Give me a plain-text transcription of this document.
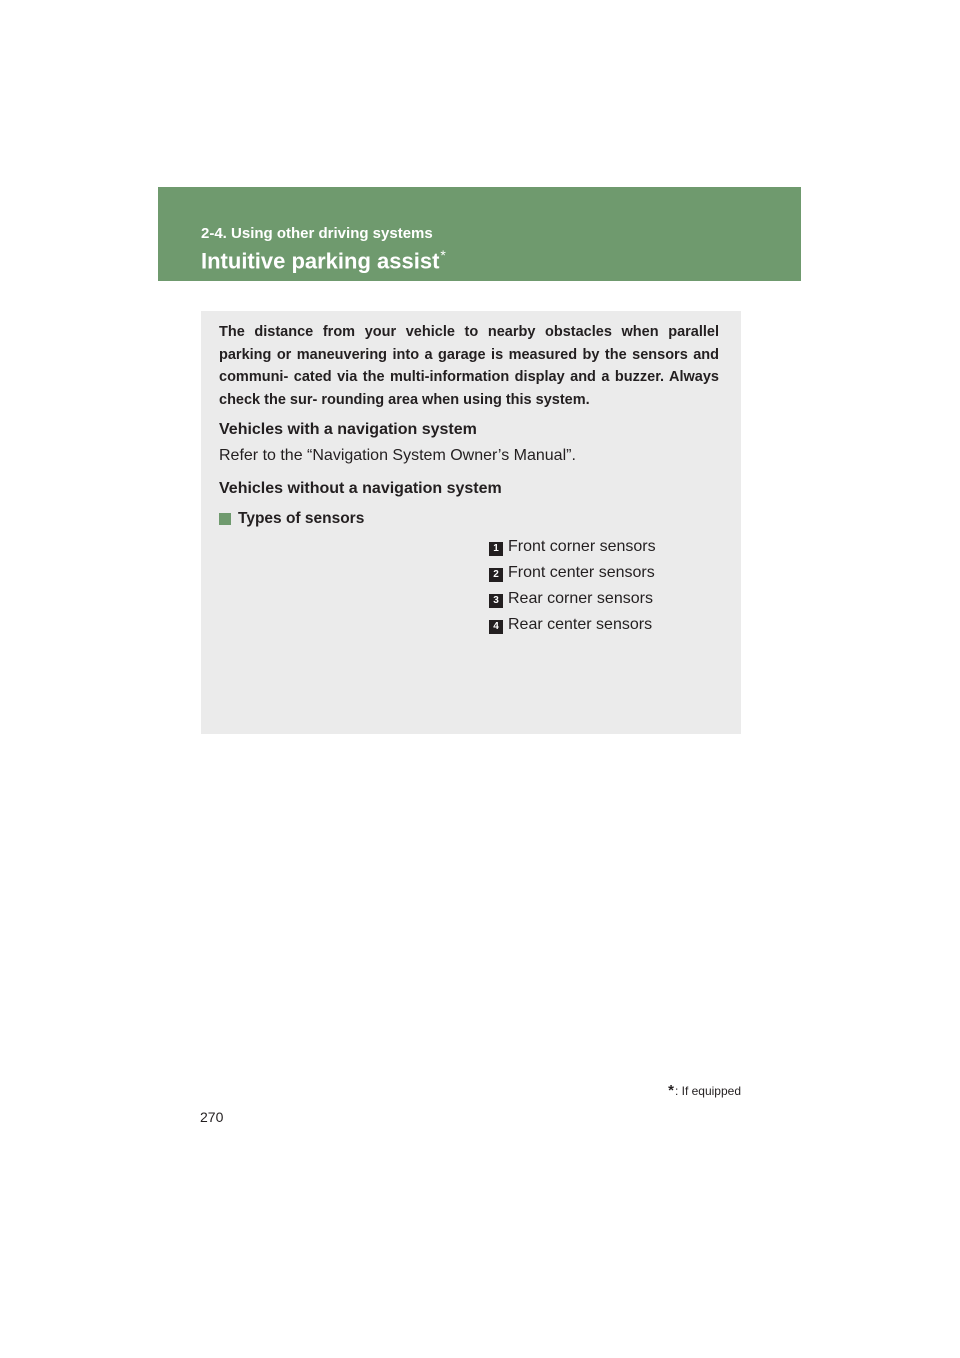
2-4. Using other driving systems
Intuitive parking assist*

The distance from your vehicle to nearby obstacles when parallel parking or maneuvering into a garage is measured by the sensors and communi- cated via the multi-information display and a buzzer. Always check the sur- rounding area when using this system.

Vehicles with a navigation system

Refer to the “Navigation System Owner’s Manual”.

Vehicles without a navigation system

Types of sensors
1 Front corner sensors
2 Front center sensors
3 Rear corner sensors
4 Rear center sensors
* : If equipped
270
